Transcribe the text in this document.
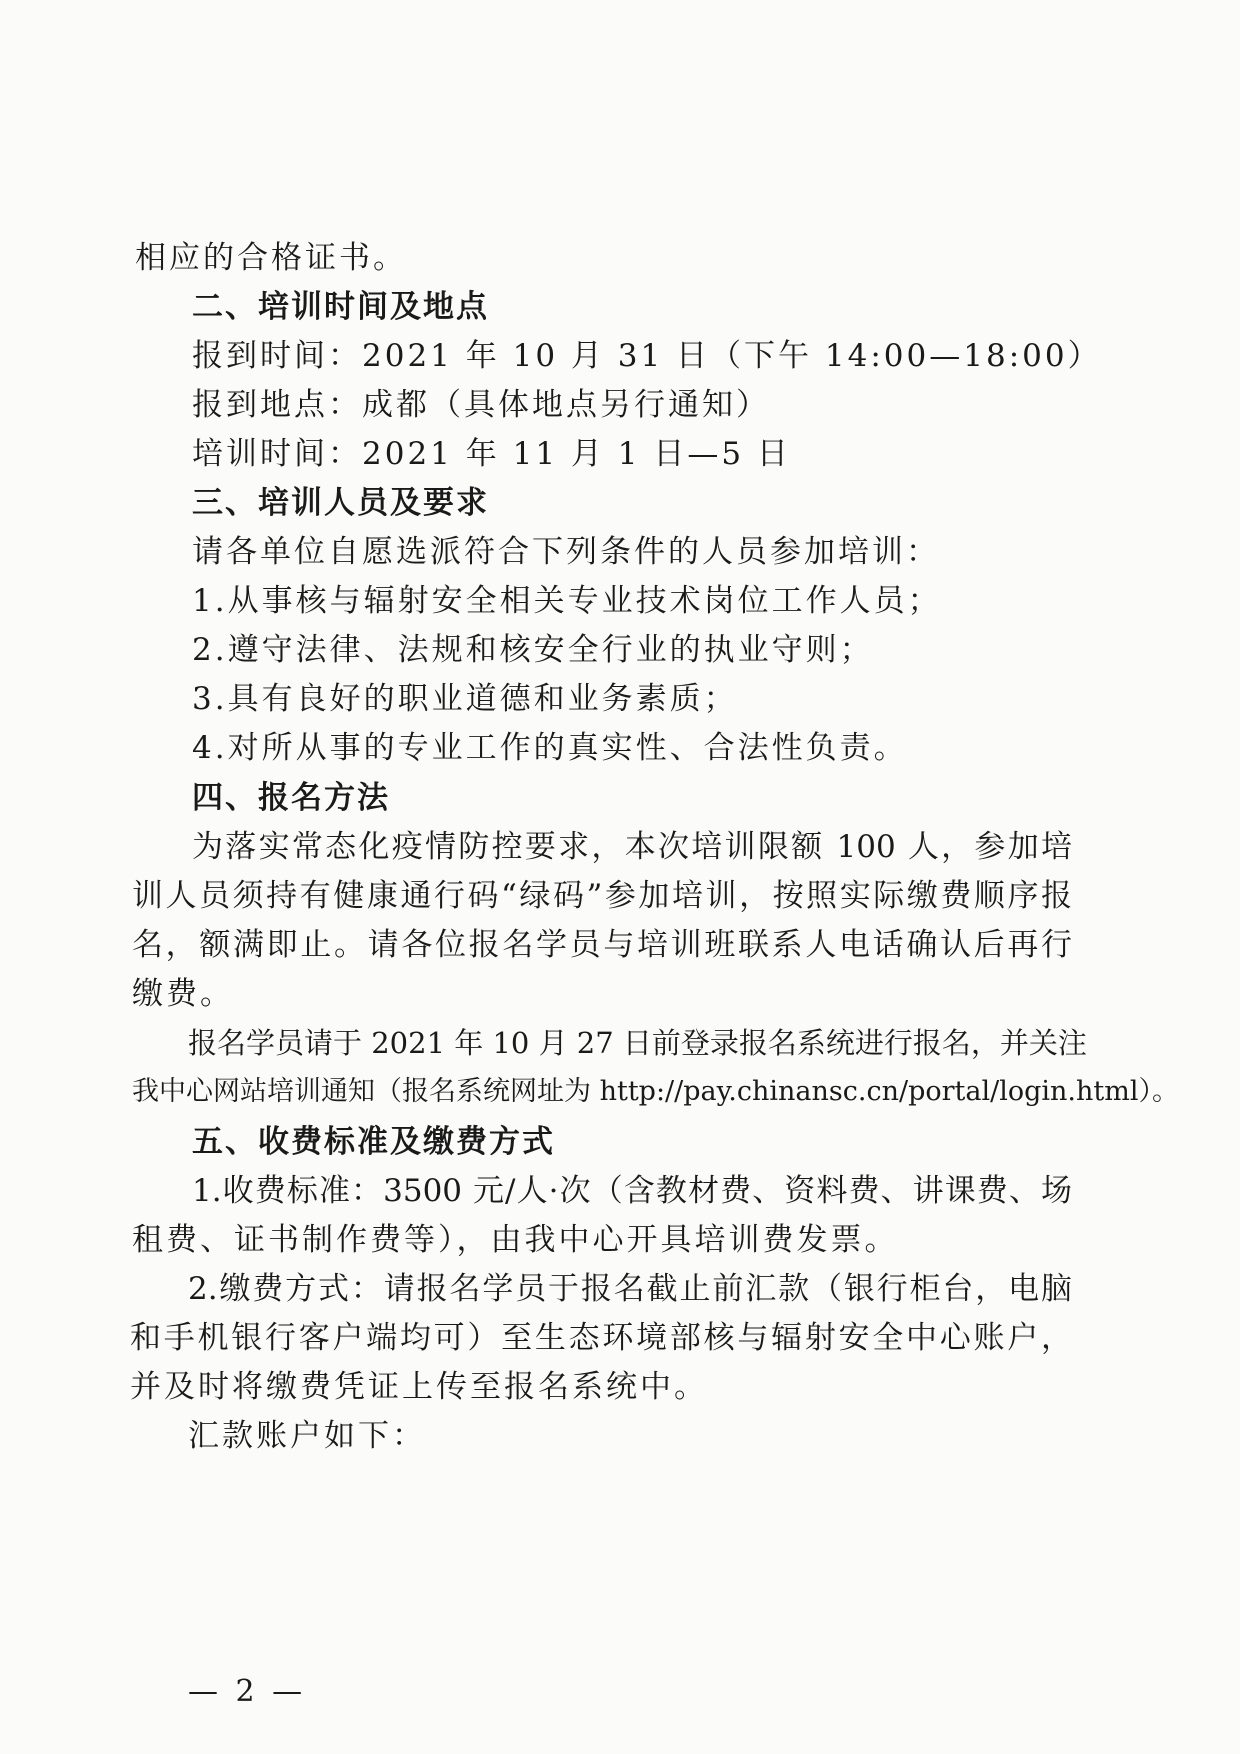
相应的合格证书。
二、培训时间及地点
报到时间：2021 年 10 月 31 日（下午 14:00—18:00）
报到地点：成都（具体地点另行通知）
培训时间：2021 年 11 月 1 日—5 日
三、培训人员及要求
请各单位自愿选派符合下列条件的人员参加培训：
1.从事核与辐射安全相关专业技术岗位工作人员；
2.遵守法律、法规和核安全行业的执业守则；
3.具有良好的职业道德和业务素质；
4.对所从事的专业工作的真实性、合法性负责。
四、报名方法
为落实常态化疫情防控要求，本次培训限额 100 人，参加培
训人员须持有健康通行码“绿码”参加培训，按照实际缴费顺序报
名，额满即止。请各位报名学员与培训班联系人电话确认后再行
缴费。
报名学员请于 2021 年 10 月 27 日前登录报名系统进行报名，并关注
我中心网站培训通知（报名系统网址为 http://pay.chinansc.cn/portal/login.html）。
五、收费标准及缴费方式
1.收费标准：3500 元/人·次（含教材费、资料费、讲课费、场
租费、证书制作费等），由我中心开具培训费发票。
2.缴费方式：请报名学员于报名截止前汇款（银行柜台，电脑
和手机银行客户端均可）至生态环境部核与辐射安全中心账户，
并及时将缴费凭证上传至报名系统中。
汇款账户如下：
— 2 —
